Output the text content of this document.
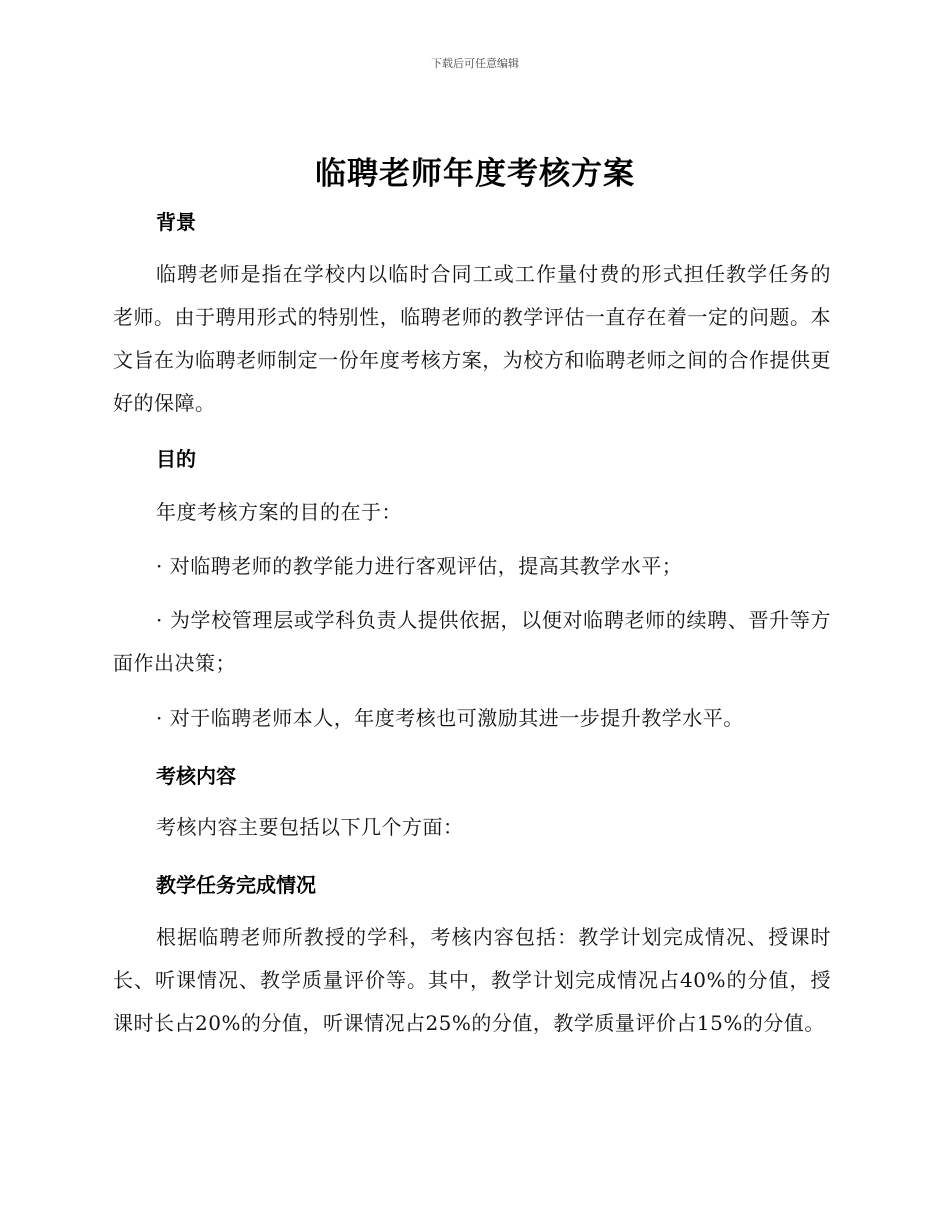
下载后可任意编辑
临聘老师年度考核方案
背景

临聘老师是指在学校内以临时合同工或工作量付费的形式担任教学任务的老师。由于聘用形式的特别性，临聘老师的教学评估一直存在着一定的问题。本文旨在为临聘老师制定一份年度考核方案，为校方和临聘老师之间的合作提供更好的保障。

目的

年度考核方案的目的在于：

· 对临聘老师的教学能力进行客观评估，提高其教学水平；

· 为学校管理层或学科负责人提供依据，以便对临聘老师的续聘、晋升等方面作出决策；

· 对于临聘老师本人，年度考核也可激励其进一步提升教学水平。

考核内容

考核内容主要包括以下几个方面：

教学任务完成情况

根据临聘老师所教授的学科，考核内容包括：教学计划完成情况、授课时长、听课情况、教学质量评价等。其中，教学计划完成情况占40%的分值，授课时长占20%的分值，听课情况占25%的分值，教学质量评价占15%的分值。
